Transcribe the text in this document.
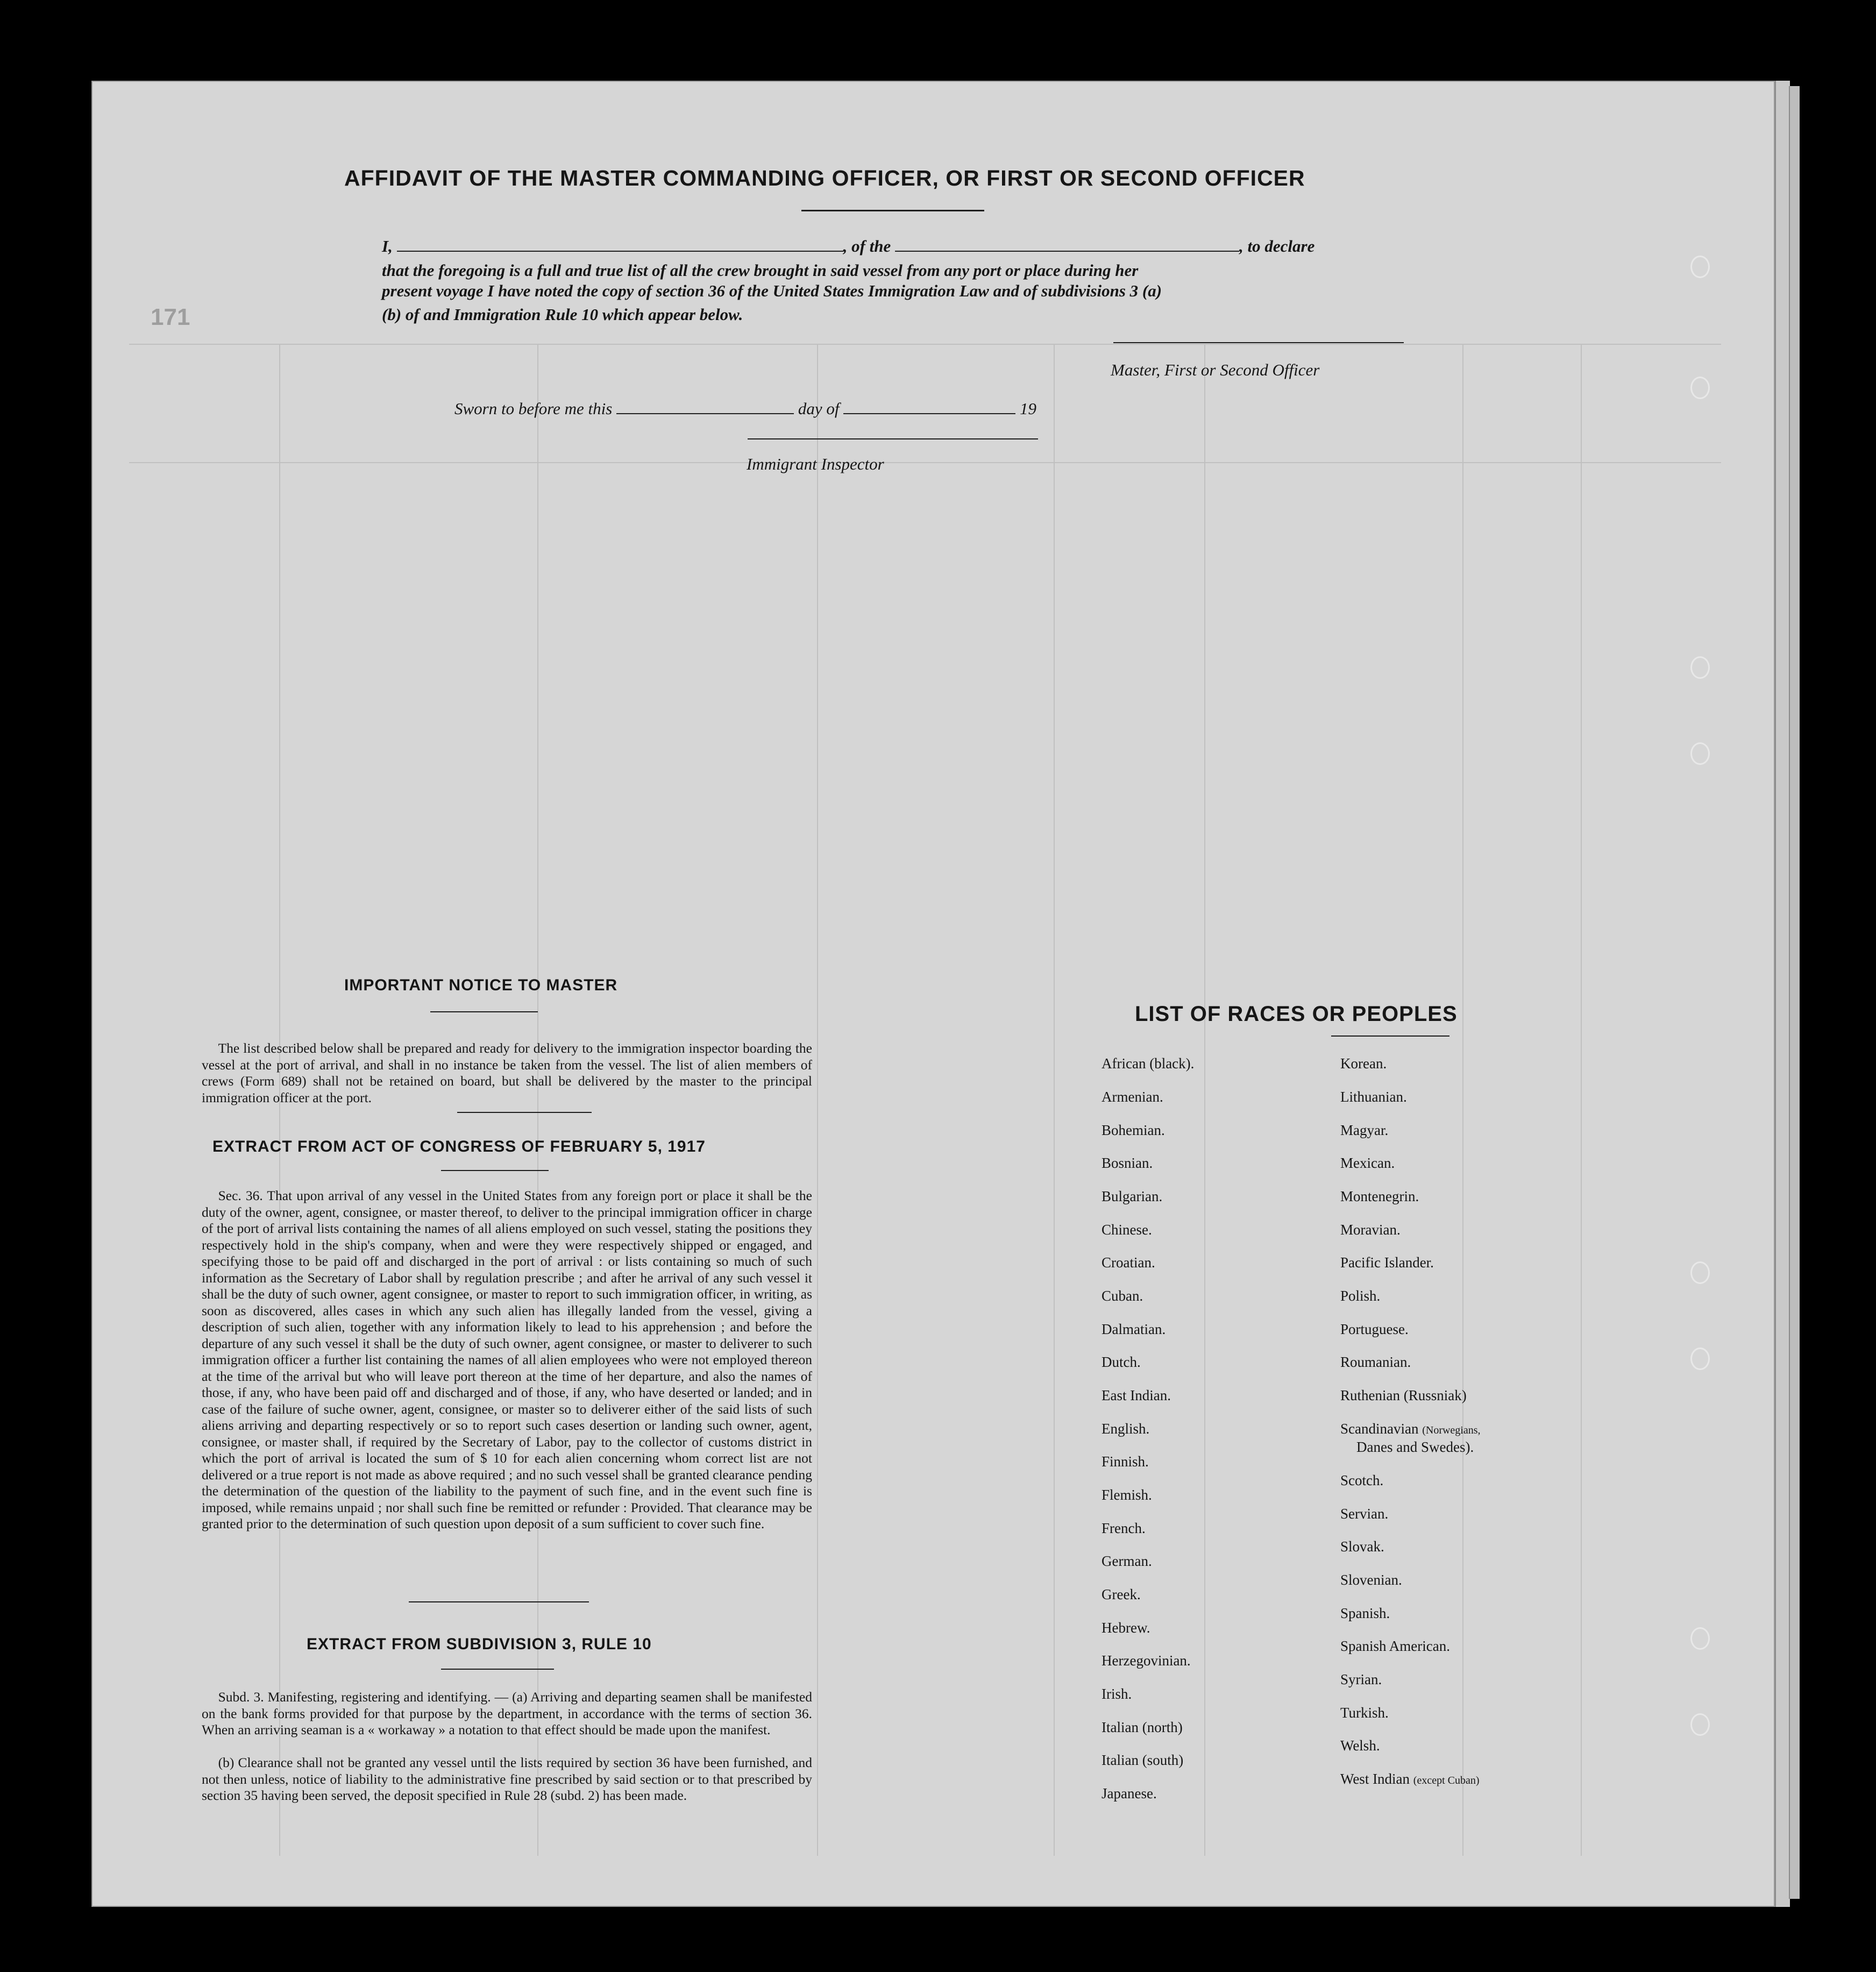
171
AFFIDAVIT OF THE MASTER COMMANDING OFFICER, OR FIRST OR SECOND OFFICER
I,	, of the	, to declare
that the foregoing is a full and true list of all the crew brought in said vessel from any port or place during her
present voyage I have noted the copy of section 36 of the United States Immigration Law and of subdivisions 3 (a)
(b) of and Immigration Rule 10 which appear below.
Master, First or Second Officer
Sworn to before me this	day of	19
Immigrant Inspector
IMPORTANT NOTICE TO MASTER
The list described below shall be prepared and ready for delivery to the immigration inspector boarding the vessel at the port of arrival, and shall in no instance be taken from the vessel. The list of alien members of crews (Form 689) shall not be retained on board, but shall be delivered by the master to the principal immigration officer at the port.
EXTRACT FROM ACT OF CONGRESS OF FEBRUARY 5, 1917
Sec. 36. That upon arrival of any vessel in the United States from any foreign port or place it shall be the duty of the owner, agent, consignee, or master thereof, to deliver to the principal immigration officer in charge of the port of arrival lists containing the names of all aliens employed on such vessel, stating the positions they respectively hold in the ship's company, when and were they were respectively shipped or engaged, and specifying those to be paid off and discharged in the port of arrival : or lists containing so much of such information as the Secretary of Labor shall by regulation prescribe ; and after he arrival of any such vessel it shall be the duty of such owner, agent consignee, or master to report to such immigration officer, in writing, as soon as discovered, alles cases in which any such alien has illegally landed from the vessel, giving a description of such alien, together with any information likely to lead to his apprehension ; and before the departure of any such vessel it shall be the duty of such owner, agent consignee, or master to deliverer to such immigration officer a further list containing the names of all alien employees who were not employed thereon at the time of the arrival but who will leave port thereon at the time of her departure, and also the names of those, if any, who have been paid off and discharged and of those, if any, who have deserted or landed; and in case of the failure of suche owner, agent, consignee, or master so to deliverer either of the said lists of such aliens arriving and departing respectively or so to report such cases desertion or landing such owner, agent, consignee, or master shall, if required by the Secretary of Labor, pay to the collector of customs district in which the port of arrival is located the sum of $ 10 for each alien concerning whom correct list are not delivered or a true report is not made as above required ; and no such vessel shall be granted clearance pending the determination of the question of the liability to the payment of such fine, and in the event such fine is imposed, while remains unpaid ; nor shall such fine be remitted or refunder : Provided. That clearance may be granted prior to the determination of such question upon deposit of a sum sufficient to cover such fine.
EXTRACT FROM SUBDIVISION 3, RULE 10
Subd. 3. Manifesting, registering and identifying. — (a) Arriving and departing seamen shall be manifested on the bank forms provided for that purpose by the department, in accordance with the terms of section 36. When an arriving seaman is a « workaway » a notation to that effect should be made upon the manifest.
(b) Clearance shall not be granted any vessel until the lists required by section 36 have been furnished, and not then unless, notice of liability to the administrative fine prescribed by said section or to that prescribed by section 35 having been served, the deposit specified in Rule 28 (subd. 2) has been made.
LIST OF RACES OR PEOPLES
African (black).
Armenian.
Bohemian.
Bosnian.
Bulgarian.
Chinese.
Croatian.
Cuban.
Dalmatian.
Dutch.
East Indian.
English.
Finnish.
Flemish.
French.
German.
Greek.
Hebrew.
Herzegovinian.
Irish.
Italian (north)
Italian (south)
Japanese.
Korean.
Lithuanian.
Magyar.
Mexican.
Montenegrin.
Moravian.
Pacific Islander.
Polish.
Portuguese.
Roumanian.
Ruthenian (Russniak)
Scandinavian (Norwegians,
Danes and Swedes).
Scotch.
Servian.
Slovak.
Slovenian.
Spanish.
Spanish American.
Syrian.
Turkish.
Welsh.
West Indian (except Cuban)
